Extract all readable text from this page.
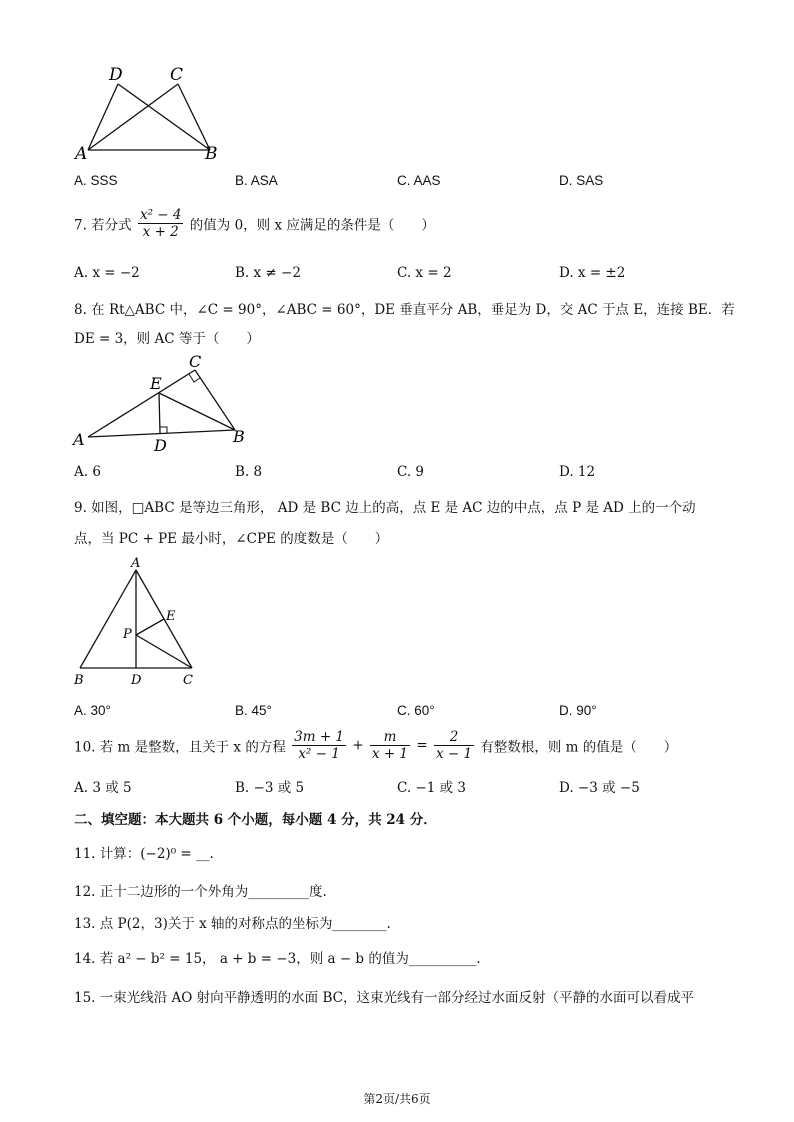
D	C
A	B
A. SSS	B. ASA	C. AAS	D. SAS
7. 若分式 $\frac{\text{x² − 4}}{x + 2}$ 的值为 0，则 x 应满足的条件是（　　）
A. x = −2	B. x ≠ −2	C. x = 2	D. x = ±2
8. 在 Rt△ABC 中，∠C = 90°，∠ABC = 60°，DE 垂直平分 AB，垂足为 D，交 AC 于点 E，连接 BE．若
DE = 3，则 AC 等于（　　）
C
E
A	B
D
A. 6	B. 8	C. 9	D. 12
9. 如图，□ABC 是等边三角形， AD 是 BC 边上的高，点 E 是 AC 边的中点，点 P 是 AD 上的一个动
点，当 PC + PE 最小时，∠CPE 的度数是（　　）
A
E
P
B	D	C
A. 30°	B. 45°	C. 60°	D. 90°
10. 若 m 是整数，且关于 x 的方程 $\frac{3m + 1}{\text{x² − 1}} + \frac{m}{x + 1} = \frac{2}{x - 1}$ 有整数根，则 m 的值是（　　）
A. 3 或 5	B. −3 或 5	C. −1 或 3	D. −3 或 −5
二、填空题：本大题共 6 个小题，每小题 4 分，共 24 分．
11. 计算：(−2)⁰ = __.
12. 正十二边形的一个外角为_________度.
13. 点 P(2，3)关于 x 轴的对称点的坐标为________.
14. 若 a² − b² = 15， a + b = −3，则 a − b 的值为__________.
15. 一束光线沿 AO 射向平静透明的水面 BC，这束光线有一部分经过水面反射（平静的水面可以看成平
第2页/共6页
